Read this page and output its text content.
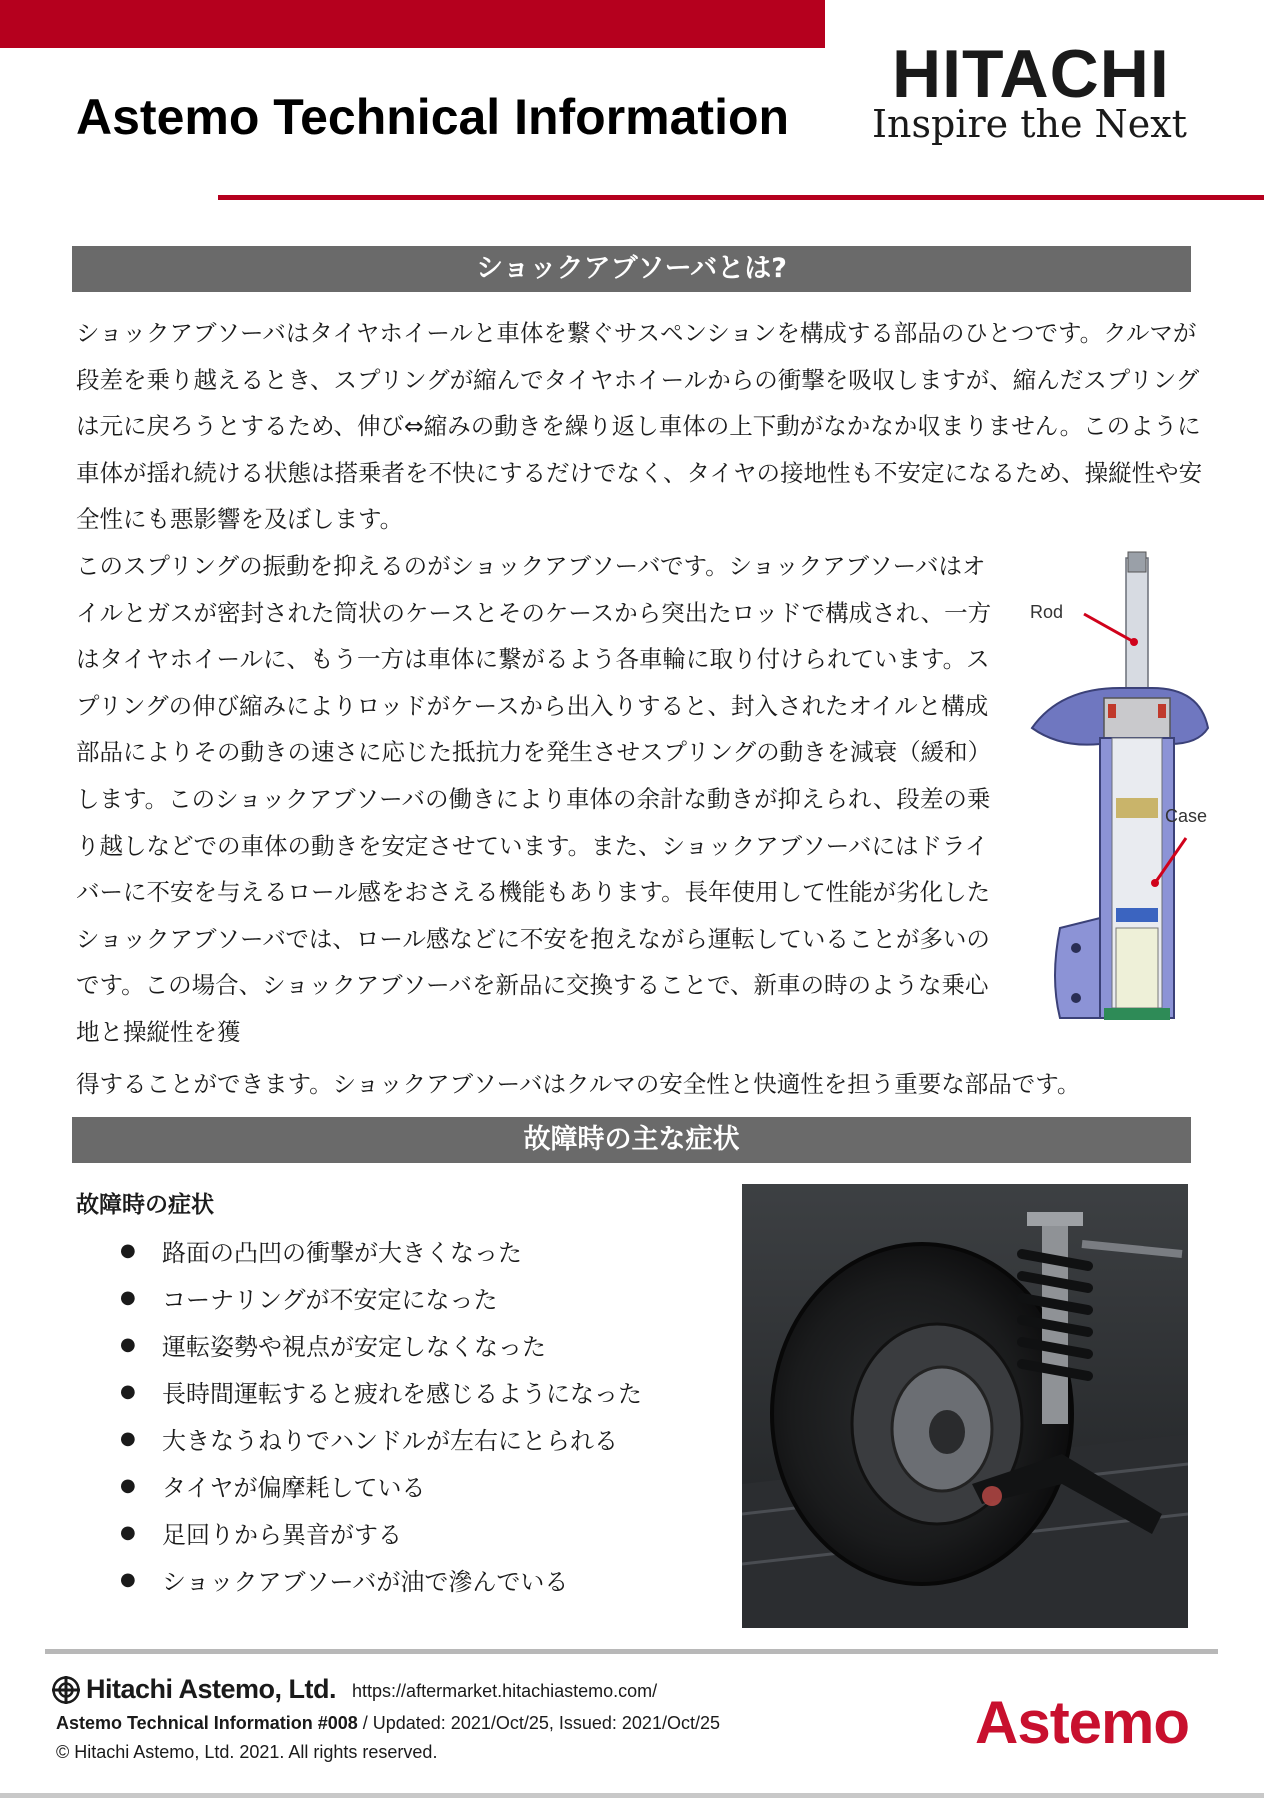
Astemo Technical Information
HITACHI
Inspire the Next
ショックアブソーバとは?

ショックアブソーバはタイヤホイールと車体を繋ぐサスペンションを構成する部品のひとつです。クルマが段差を乗り越えるとき、スプリングが縮んでタイヤホイールからの衝撃を吸収しますが、縮んだスプリングは元に戻ろうとするため、伸び⇔縮みの動きを繰り返し車体の上下動がなかなか収まりません。このように車体が揺れ続ける状態は搭乗者を不快にするだけでなく、タイヤの接地性も不安定になるため、操縦性や安全性にも悪影響を及ぼします。

このスプリングの振動を抑えるのがショックアブソーバです。ショックアブソーバはオイルとガスが密封された筒状のケースとそのケースから突出たロッドで構成され、一方はタイヤホイールに、もう一方は車体に繋がるよう各車輪に取り付けられています。スプリングの伸び縮みによりロッドがケースから出入りすると、封入されたオイルと構成部品によりその動きの速さに応じた抵抗力を発生させスプリングの動きを減衰（緩和）します。このショックアブソーバの働きにより車体の余計な動きが抑えられ、段差の乗り越しなどでの車体の動きを安定させています。また、ショックアブソーバにはドライバーに不安を与えるロール感をおさえる機能もあります。長年使用して性能が劣化したショックアブソーバでは、ロール感などに不安を抱えながら運転していることが多いのです。この場合、ショックアブソーバを新品に交換することで、新車の時のような乗心地と操縦性を獲

得することができます。ショックアブソーバはクルマの安全性と快適性を担う重要な部品です。

Rod
Case
故障時の主な症状
故障時の症状
●	路面の凸凹の衝撃が大きくなった
●	コーナリングが不安定になった
●	運転姿勢や視点が安定しなくなった
●	長時間運転すると疲れを感じるようになった
●	大きなうねりでハンドルが左右にとられる
●	タイヤが偏摩耗している
●	足回りから異音がする
●	ショックアブソーバが油で滲んでいる
Hitachi Astemo, Ltd. https://aftermarket.hitachiastemo.com/
Astemo Technical Information #008 / Updated: 2021/Oct/25, Issued: 2021/Oct/25
© Hitachi Astemo, Ltd. 2021. All rights reserved.	Astemo
